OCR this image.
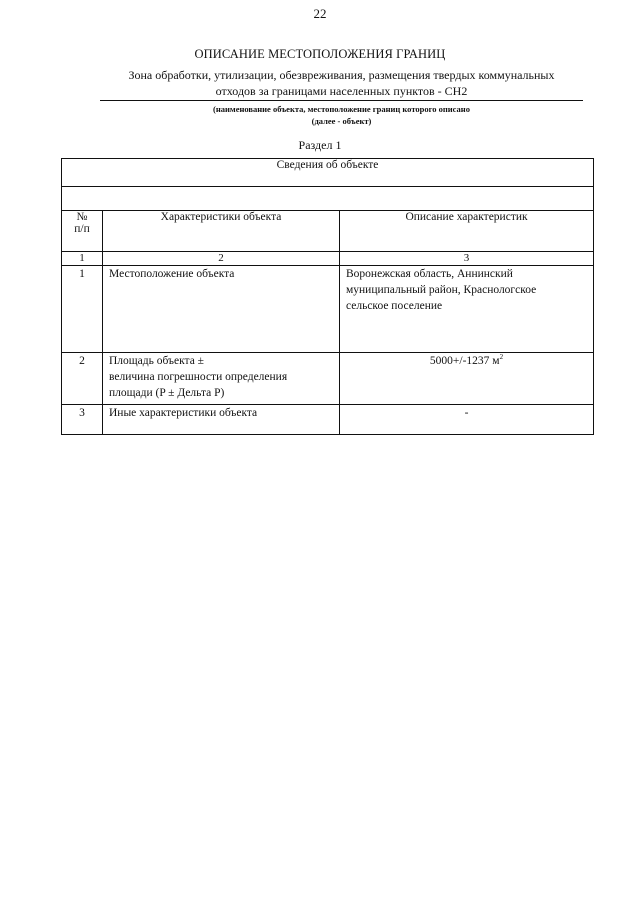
22
ОПИСАНИЕ МЕСТОПОЛОЖЕНИЯ ГРАНИЦ
Зона обработки, утилизации, обезвреживания, размещения твердых коммунальных
отходов за границами населенных пунктов - СН2
(наименование объекта, местоположение границ которого описано
(далее - объект)
Раздел 1
Сведения об объекте		

№
п/п	Характеристики объекта	Описание характеристик
1	2	3
1	Местоположение объекта	Воронежская область, Аннинский
муниципальный район, Краснологское
сельское поселение

2	Площадь объекта ±
величина погрешности определения
площади (P ± Дельта P)	5000+/-1237 $м^2$
3	Иные характеристики объекта	-
